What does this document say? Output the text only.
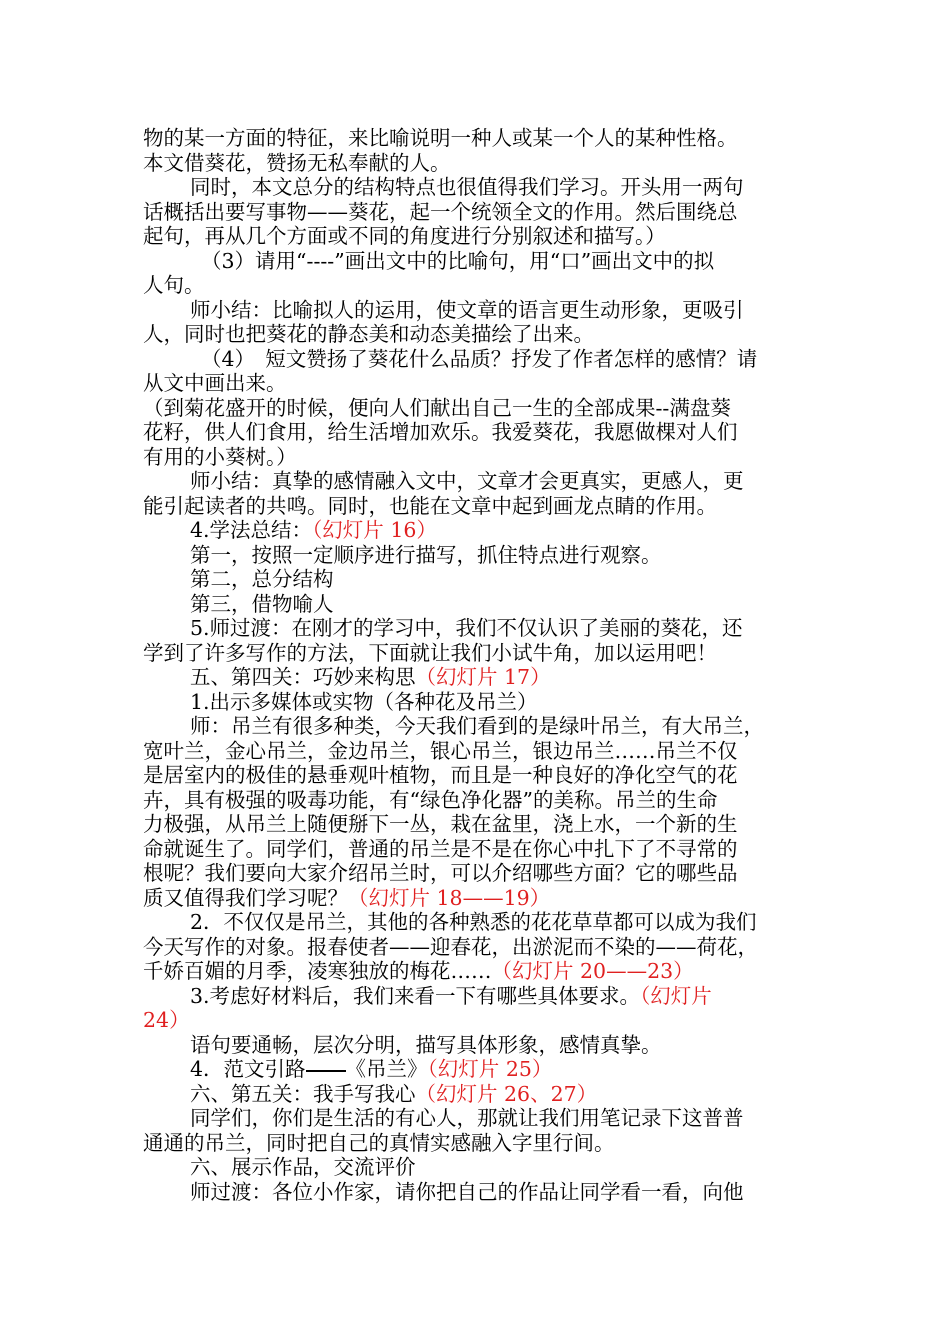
物的某一方面的特征，来比喻说明一种人或某一个人的某种性格。

本文借葵花，赞扬无私奉献的人。

同时，本文总分的结构特点也很值得我们学习。开头用一两句

话概括出要写事物——葵花，起一个统领全文的作用。然后围绕总

起句，再从几个方面或不同的角度进行分别叙述和描写。）

（3）请用“----”画出文中的比喻句，用“口”画出文中的拟

人句。

师小结：比喻拟人的运用，使文章的语言更生动形象，更吸引

人，同时也把葵花的静态美和动态美描绘了出来。

（4）　短文赞扬了葵花什么品质？抒发了作者怎样的感情？请

从文中画出来。

（到菊花盛开的时候，便向人们献出自己一生的全部成果--满盘葵

花籽，供人们食用，给生活增加欢乐。我爱葵花，我愿做棵对人们

有用的小葵树。）

师小结：真挚的感情融入文中，文章才会更真实，更感人，更

能引起读者的共鸣。同时，也能在文章中起到画龙点睛的作用。

4.学法总结：（幻灯片 16）

第一，按照一定顺序进行描写，抓住特点进行观察。

第二，总分结构

第三，借物喻人

5.师过渡：在刚才的学习中，我们不仅认识了美丽的葵花，还

学到了许多写作的方法，下面就让我们小试牛角，加以运用吧！

五、第四关：巧妙来构思（幻灯片 17）

1.出示多媒体或实物（各种花及吊兰）

师：吊兰有很多种类，今天我们看到的是绿叶吊兰，有大吊兰，

宽叶兰，金心吊兰，金边吊兰，银心吊兰，银边吊兰……吊兰不仅

是居室内的极佳的悬垂观叶植物，而且是一种良好的净化空气的花

卉，具有极强的吸毒功能，有“绿色净化器”的美称。吊兰的生命

力极强，从吊兰上随便掰下一丛，栽在盆里，浇上水，一个新的生

命就诞生了。同学们，普通的吊兰是不是在你心中扎下了不寻常的

根呢？我们要向大家介绍吊兰时，可以介绍哪些方面？它的哪些品

质又值得我们学习呢？（幻灯片 18——19）

2．不仅仅是吊兰，其他的各种熟悉的花花草草都可以成为我们

今天写作的对象。报春使者——迎春花，出淤泥而不染的——荷花，

千娇百媚的月季，凌寒独放的梅花……（幻灯片 20——23）

3.考虑好材料后，我们来看一下有哪些具体要求。（幻灯片

24）

语句要通畅，层次分明，描写具体形象，感情真挚。

4．范文引路 《吊兰》（幻灯片 25）

六、第五关：我手写我心（幻灯片 26、27）

同学们，你们是生活的有心人，那就让我们用笔记录下这普普

通通的吊兰，同时把自己的真情实感融入字里行间。

六、展示作品，交流评价

师过渡：各位小作家，请你把自己的作品让同学看一看，向他
